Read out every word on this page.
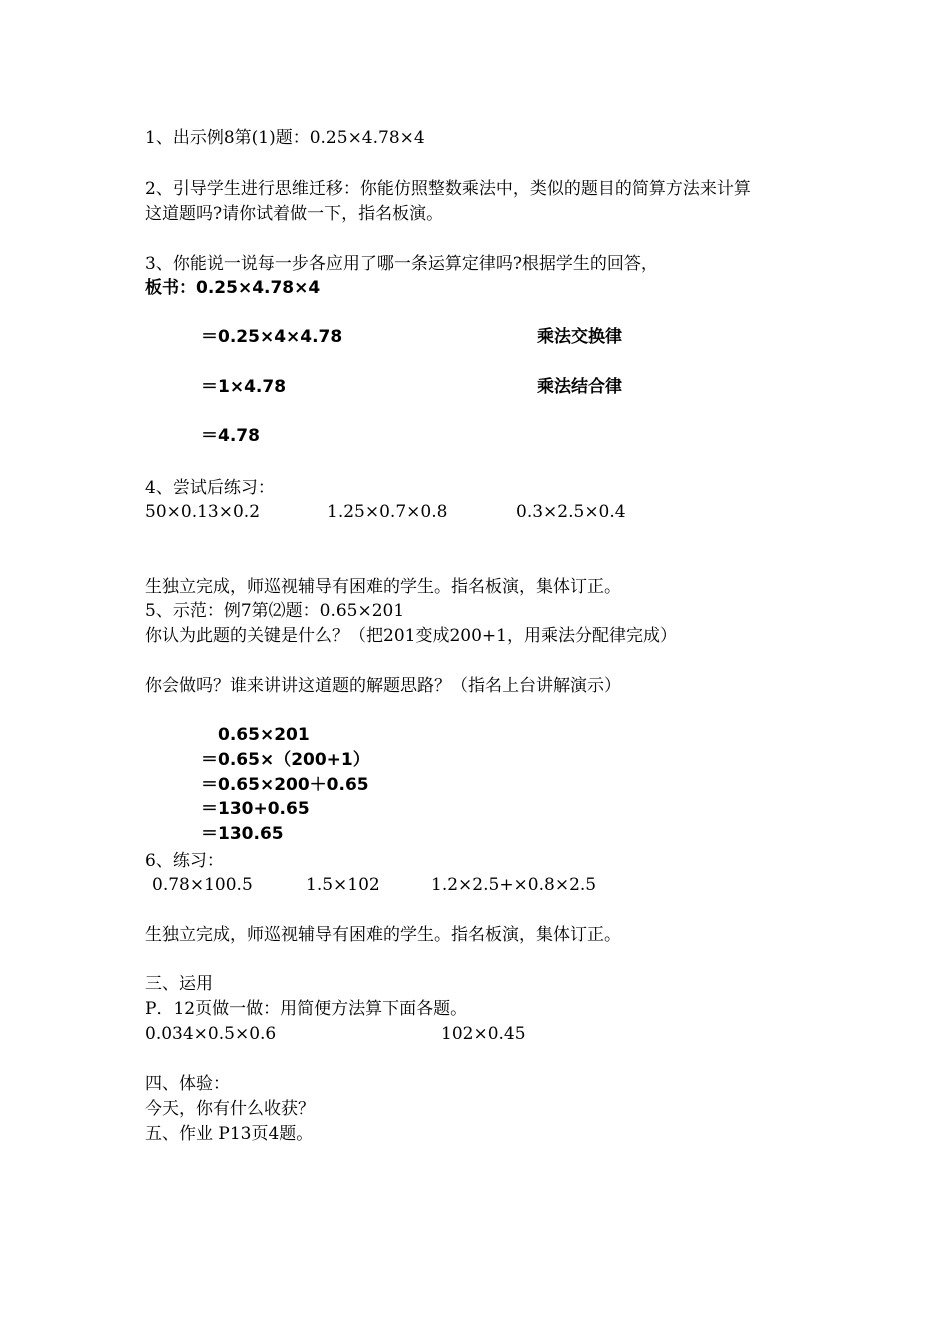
1、出示例8第(1)题：0.25×4.78×4
2、引导学生进行思维迁移：你能仿照整数乘法中，类似的题目的简算方法来计算
这道题吗?请你试着做一下，指名板演。
3、你能说一说每一步各应用了哪一条运算定律吗?根据学生的回答，
板书：0.25×4.78×4
＝0.25×4×4.78	乘法交换律
＝1×4.78	乘法结合律
＝4.78
4、尝试后练习：
50×0.13×0.2	1.25×0.7×0.8	0.3×2.5×0.4
生独立完成，师巡视辅导有困难的学生。指名板演，集体订正。
5、示范：例7第⑵题：0.65×201
你认为此题的关键是什么？（把201变成200+1，用乘法分配律完成）
你会做吗？谁来讲讲这道题的解题思路？（指名上台讲解演示）
0.65×201
＝0.65×（200+1）
＝0.65×200＋0.65
＝130+0.65
＝130.65
6、练习：
0.78×100.5	1.5×102	1.2×2.5+×0.8×2.5
生独立完成，师巡视辅导有困难的学生。指名板演，集体订正。
三、运用
P．12页做一做：用简便方法算下面各题。
0.034×0.5×0.6	102×0.45
四、体验：
今天，你有什么收获？
五、作业 P13页4题。
